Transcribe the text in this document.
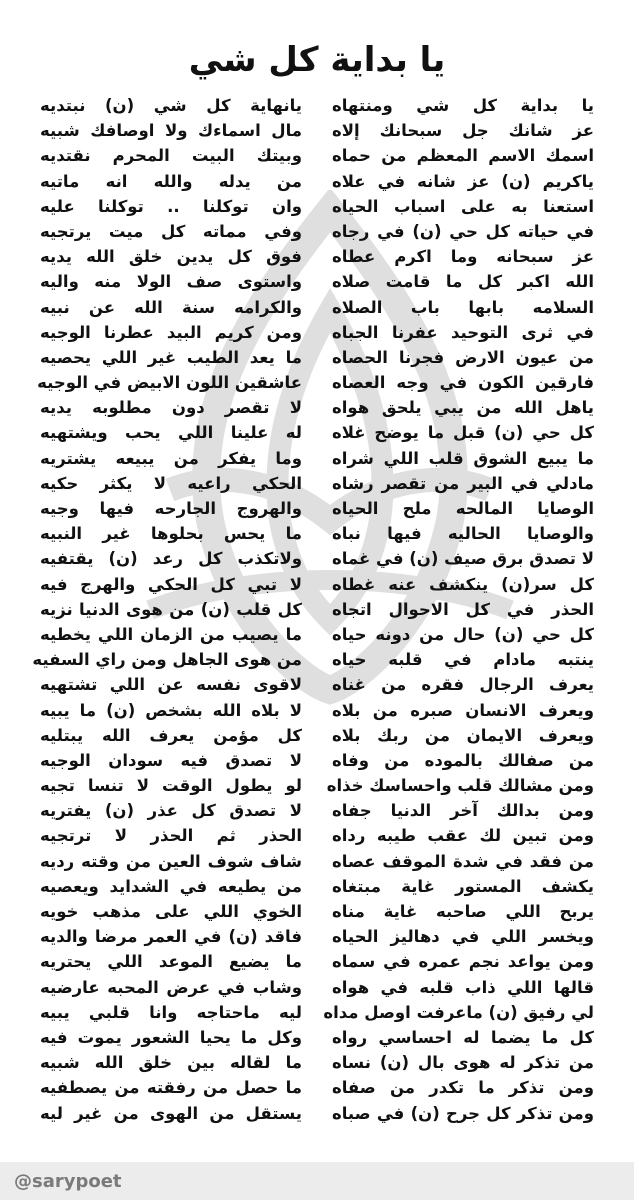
يا بداية كل شي
يا بداية كل شي ومنتهاه
عز شانك جل سبحانك إلاه
اسمك الاسم المعظم من حماه
ياكريم (ن) عز شانه في علاه
استعنا به على اسباب الحياه
في حياته كل حي (ن) في رجاه
عز سبحانه وما اكرم عطاه
الله اكبر كل ما قامت صلاه
السلامه بابها باب الصلاه
في ثرى التوحيد عفرنا الجباه
من عيون الارض فجرنا الحصاه
فارقين الكون في وجه العصاه
ياهل الله من يبي يلحق هواه
كل حي (ن) قبل ما يوضح غلاه
ما يبيع الشوق قلب اللي شراه
مادلي في البير من تقصر رشاه
الوصايا المالحه ملح الحياه
والوصايا الحاليه فيها نباه
لا تصدق برق صيف (ن) في غماه
كل سر(ن) ينكشف عنه غطاه
الحذر في كل الاحوال اتجاه
كل حي (ن) حال من دونه حياه
ينتبه مادام في قلبه حياه
يعرف الرجال فقره من غناه
ويعرف الانسان صبره من بلاه
ويعرف الايمان من ربك بلاه
من صفالك بالموده من وفاه
ومن مشالك قلب واحساسك خذاه
ومن بدالك آخر الدنيا جفاه
ومن تبين لك عقب طيبه رداه
من فقد في شدة الموقف عصاه
يكشف المستور غاية مبتغاه
يربح اللي صاحبه غاية مناه
ويخسر اللي في دهاليز الحياه
ومن يواعد نجم عمره في سماه
قالها اللي ذاب قلبه في هواه
لي رفيق (ن) ماعرفت اوصل مداه
كل ما يضما له احساسي رواه
من تذكر له هوى بال (ن) نساه
ومن تذكر ما تكدر من صفاه
ومن تذكر كل جرح (ن) في صباه
يانهاية كل شي (ن) نبتديه
مال اسماءك ولا اوصافك شبيه
وبيتك البيت المحرم نقتديه
من يدله والله انه ماتيه
وان توكلنا .. توكلنا عليه
وفي مماته كل ميت يرتجيه
فوق كل يدين خلق الله يديه
واستوى صف الولا منه واليه
والكرامه سنة الله عن نبيه
ومن كريم البيد عطرنا الوجيه
ما يعد الطيب غير اللي يحصيه
عاشقين اللون الابيض في الوجيه
لا تقصر دون مطلوبه يديه
له علينا اللي يحب ويشتهيه
وما يفكر من يبيعه يشتريه
الحكي راعيه لا يكثر حكيه
والهروج الجارحه فيها وجيه
ما يحس بحلوها غير النبيه
ولاتكذب كل رعد (ن) يقتفيه
لا تبي كل الحكي والهرج فيه
كل قلب (ن) من هوى الدنيا نزيه
ما يصيب من الزمان اللي يخطيه
من هوى الجاهل ومن راي السفيه
لاقوى نفسه عن اللي تشتهيه
لا بلاه الله بشخص (ن) ما يبيه
كل مؤمن يعرف الله يبتليه
لا تصدق فيه سودان الوجيه
لو يطول الوقت لا تنسا تجيه
لا تصدق كل عذر (ن) يفتريه
الحذر ثم الحذر لا ترتجيه
شاف شوف العين من وقته رديه
من يطيعه في الشدايد ويعصيه
الخوي اللي على مذهب خويه
فاقد (ن) في العمر مرضا والديه
ما يضيع الموعد اللي يحتريه
وشاب في عرض المحبه عارضيه
ليه ماحتاجه وانا قلبي يبيه
وكل ما يحيا الشعور يموت فيه
ما لقاله بين خلق الله شبيه
ما حصل من رفقته من يصطفيه
يستقل من الهوى من غير ليه
@sarypoet
